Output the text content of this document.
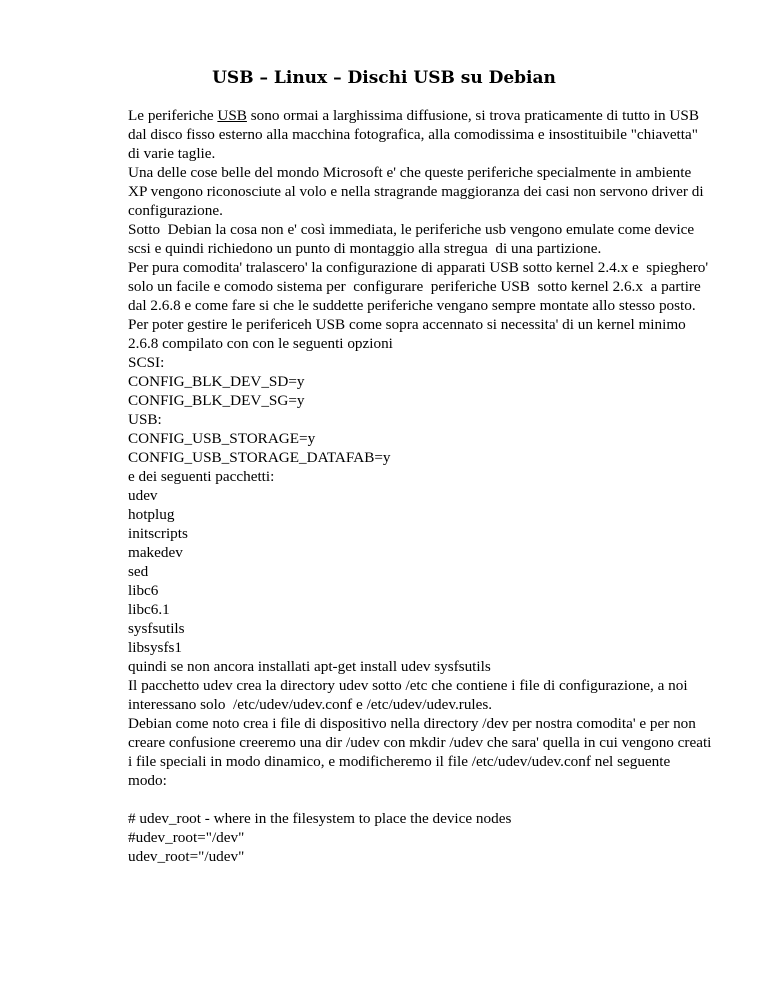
USB – Linux – Dischi USB su Debian
Le periferiche USB sono ormai a larghissima diffusione, si trova praticamente di tutto in USB
dal disco fisso esterno alla macchina fotografica, alla comodissima e insostituibile "chiavetta"
di varie taglie.
Una delle cose belle del mondo Microsoft e' che queste periferiche specialmente in ambiente
XP vengono riconosciute al volo e nella stragrande maggioranza dei casi non servono driver di
configurazione.
Sotto  Debian la cosa non e' così immediata, le periferiche usb vengono emulate come device
scsi e quindi richiedono un punto di montaggio alla stregua  di una partizione.
Per pura comodita' tralascero' la configurazione di apparati USB sotto kernel 2.4.x e  spieghero'
solo un facile e comodo sistema per  configurare  periferiche USB  sotto kernel 2.6.x  a partire
dal 2.6.8 e come fare si che le suddette periferiche vengano sempre montate allo stesso posto.
Per poter gestire le perifericeh USB come sopra accennato si necessita' di un kernel minimo
2.6.8 compilato con con le seguenti opzioni
SCSI:
CONFIG_BLK_DEV_SD=y
CONFIG_BLK_DEV_SG=y
USB:
CONFIG_USB_STORAGE=y
CONFIG_USB_STORAGE_DATAFAB=y
e dei seguenti pacchetti:
udev
hotplug
initscripts
makedev
sed
libc6
libc6.1
sysfsutils
libsysfs1
quindi se non ancora installati apt-get install udev sysfsutils
Il pacchetto udev crea la directory udev sotto /etc che contiene i file di configurazione, a noi
interessano solo  /etc/udev/udev.conf e /etc/udev/udev.rules.
Debian come noto crea i file di dispositivo nella directory /dev per nostra comodita' e per non
creare confusione creeremo una dir /udev con mkdir /udev che sara' quella in cui vengono creati
i file speciali in modo dinamico, e modificheremo il file /etc/udev/udev.conf nel seguente
modo:
# udev_root - where in the filesystem to place the device nodes
#udev_root="/dev"
udev_root="/udev"
